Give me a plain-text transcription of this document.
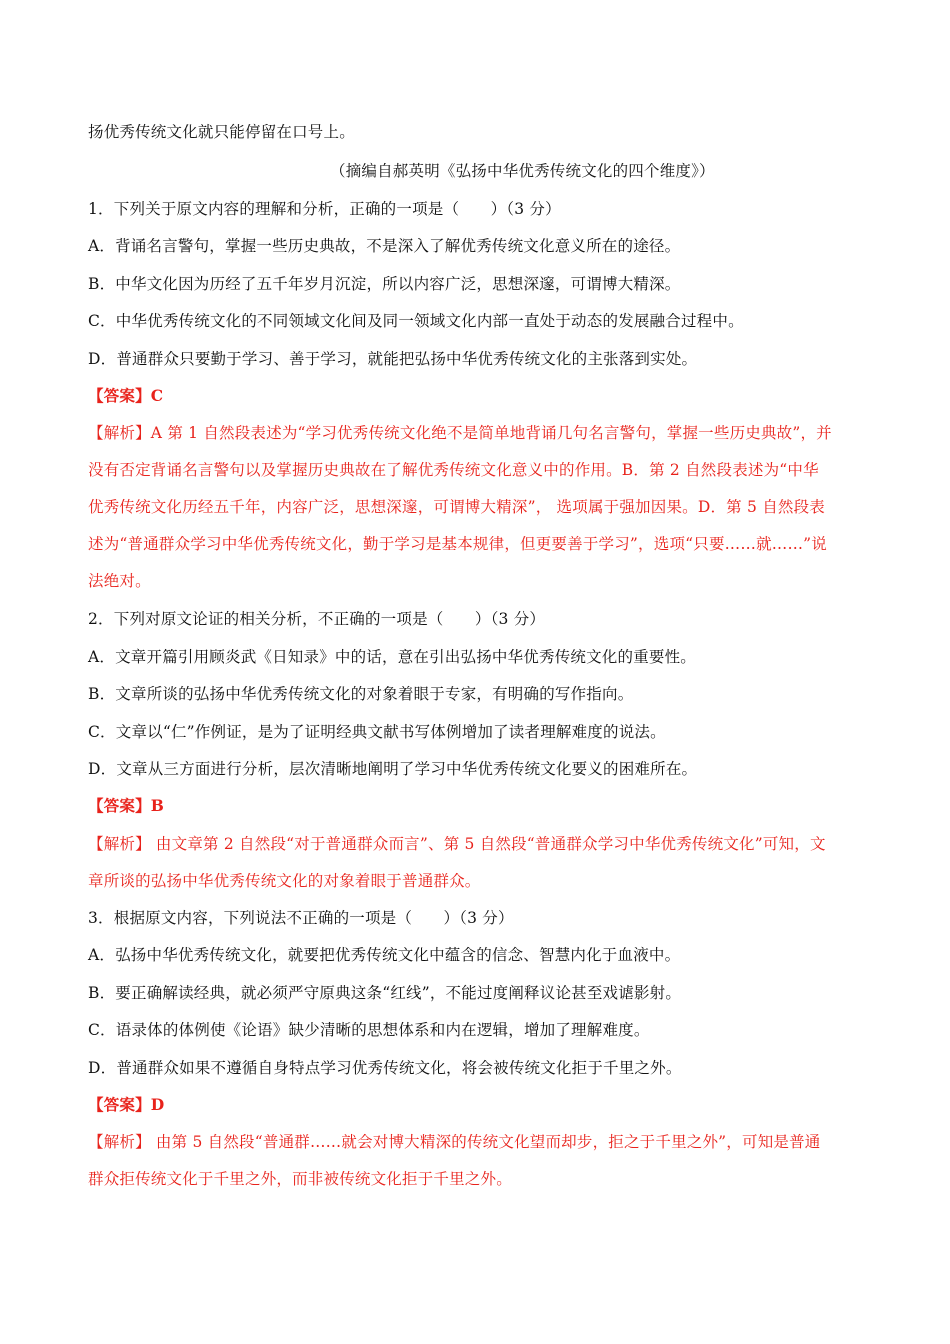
扬优秀传统文化就只能停留在口号上。
（摘编自郝英明《弘扬中华优秀传统文化的四个维度》）
1．下列关于原文内容的理解和分析，正确的一项是（　　）（3 分）
A．背诵名言警句，掌握一些历史典故，不是深入了解优秀传统文化意义所在的途径。
B．中华文化因为历经了五千年岁月沉淀，所以内容广泛，思想深邃，可谓博大精深。
C．中华优秀传统文化的不同领域文化间及同一领域文化内部一直处于动态的发展融合过程中。
D．普通群众只要勤于学习、善于学习，就能把弘扬中华优秀传统文化的主张落到实处。
【答案】C
【解析】A 第 1 自然段表述为“学习优秀传统文化绝不是简单地背诵几句名言警句，掌握一些历史典故”，并
没有否定背诵名言警句以及掌握历史典故在了解优秀传统文化意义中的作用。B．第 2 自然段表述为“中华
优秀传统文化历经五千年，内容广泛，思想深邃，可谓博大精深”， 选项属于强加因果。D．第 5 自然段表
述为“普通群众学习中华优秀传统文化，勤于学习是基本规律，但更要善于学习”，选项“只要……就……”说
法绝对。
2．下列对原文论证的相关分析，不正确的一项是（　　）（3 分）
A．文章开篇引用顾炎武《日知录》中的话，意在引出弘扬中华优秀传统文化的重要性。
B．文章所谈的弘扬中华优秀传统文化的对象着眼于专家，有明确的写作指向。
C．文章以“仁”作例证，是为了证明经典文献书写体例增加了读者理解难度的说法。
D．文章从三方面进行分析，层次清晰地阐明了学习中华优秀传统文化要义的困难所在。
【答案】B
【解析】 由文章第 2 自然段“对于普通群众而言”、第 5 自然段“普通群众学习中华优秀传统文化”可知，文
章所谈的弘扬中华优秀传统文化的对象着眼于普通群众。
3．根据原文内容，下列说法不正确的一项是（　　）（3 分）
A．弘扬中华优秀传统文化，就要把优秀传统文化中蕴含的信念、智慧内化于血液中。
B．要正确解读经典，就必须严守原典这条“红线”，不能过度阐释议论甚至戏谑影射。
C．语录体的体例使《论语》缺少清晰的思想体系和内在逻辑，增加了理解难度。
D．普通群众如果不遵循自身特点学习优秀传统文化，将会被传统文化拒于千里之外。
【答案】D
【解析】 由第 5 自然段“普通群……就会对博大精深的传统文化望而却步，拒之于千里之外”，可知是普通
群众拒传统文化于千里之外，而非被传统文化拒于千里之外。
